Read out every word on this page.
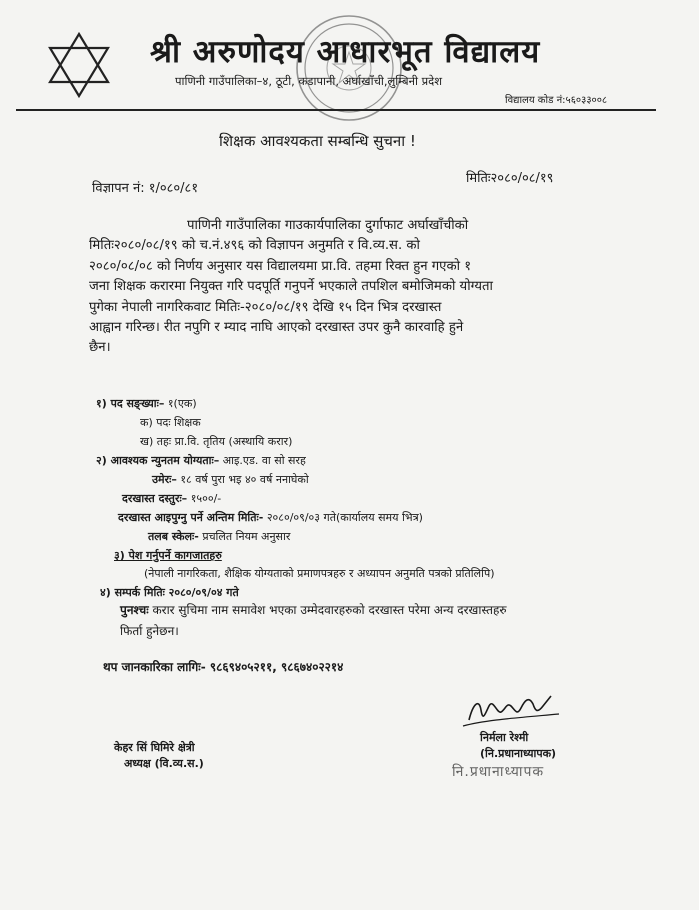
श्री अरुणोदय आधारभूत विद्यालय
पाणिनी गाउँपालिका–४, ठूटी, कडापानी, अर्घाखाँची,लुम्बिनी प्रदेश
विद्यालय कोड नं:५६०३३००८
शिक्षक आवश्यकता सम्बन्धि सुचना !
विज्ञापन नं: १/०८०/८१
मितिः२०८०/०८/१९
पाणिनी गाउँपालिका गाउकार्यपालिका दुर्गाफाट अर्घाखाँचीको
मितिः२०८०/०८/१९ को च.नं.४९६ को विज्ञापन अनुमति र वि.व्य.स. को
२०८०/०८/०८ को निर्णय अनुसार यस विद्यालयमा प्रा.वि. तहमा रिक्त हुन गएको १
जना शिक्षक करारमा नियुक्त गरि पदपूर्ति गनुपर्ने भएकाले तपशिल बमोजिमको योग्यता
पुगेका नेपाली नागरिकवाट मितिः-२०८०/०८/१९ देखि १५ दिन भित्र दरखास्त
आह्वान गरिन्छ। रीत नपुगि र म्याद नाघि आएको दरखास्त उपर कुनै कारवाहि हुने
छैन।
१) पद सङ्ख्याः– १(एक)
क) पदः शिक्षक
ख) तहः प्रा.वि. तृतिय (अस्थायि करार)
२) आवश्यक न्युनतम योग्यताः– आइ.एड. वा सो सरह
उमेरः– १८ वर्ष पुरा भइ ४० वर्ष ननाघेको
दरखास्त दस्तुरः– १५००/-
दरखास्त आइपुग्नु पर्ने अन्तिम मितिः- २०८०/०९/०३ गते(कार्यालय समय भित्र)
तलब स्केलः- प्रचलित नियम अनुसार
३) पेश गर्नुपर्ने कागजातहरु
(नेपाली नागरिकता, शैक्षिक योग्यताको प्रमाणपत्रहरु र अध्यापन अनुमति पत्रको प्रतिलिपि)
४) सम्पर्क मितिः २०८०/०९/०४ गते
पुनश्चः करार सुचिमा नाम समावेश भएका उम्मेदवारहरुको दरखास्त परेमा अन्य दरखास्तहरु
फिर्ता हुनेछन।
थप जानकारिका लागिः- ९८६९४०५२११, ९८६७४०२२१४
केहर सिं घिमिरे क्षेत्री
अध्यक्ष (वि.व्य.स.)
निर्मला रेश्मी
(नि.प्रधानाध्यापक)
नि.प्रधानाध्यापक
